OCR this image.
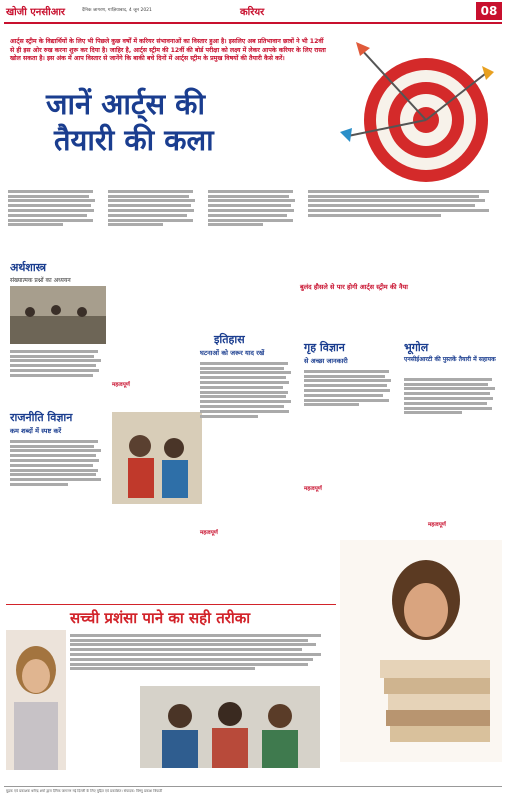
खोजी एनसीआर	दैनिक जागरण, गाज़ियाबाद, 4 जून 2021	करियर	08
आर्ट्स स्ट्रीम के विद्यार्थियों के लिए भी पिछले कुछ वर्षों में करियर संभावनाओं का विस्तार हुआ है। इसलिए अब प्रतिभावान छात्रों ने भी 12वीं से ही इस ओर रुख करना शुरू कर दिया है। जाहिर है, आर्ट्स स्ट्रीम की 12वीं की बोर्ड परीक्षा को लक्ष्य में लेकर आपके करियर के लिए रास्ता खोल सकता है। इस अंक में आप विस्तार से जानेंगे कि बाकी बचे दिनों में आर्ट्स स्ट्रीम के प्रमुख विषयों की तैयारी कैसे करें।
जानें आर्ट्स की
तैयारी की कला
अर्थशास्त्र
संख्यात्मक प्रश्नों का अध्ययन
राजनीति विज्ञान
कम शब्दों में स्पष्ट करें
इतिहास
घटनाओं को जरूर याद रखें	गृह विज्ञान
से अच्छा जानकारी
बुलंद हौसले से पार होगी आर्ट्स स्ट्रीम की नैया
भूगोल
एनसीईआरटी की पुस्तकें तैयारी में सहायक
महत्वपूर्ण
महत्वपूर्ण
महत्वपूर्ण
महत्वपूर्ण
सच्ची प्रशंसा पाने का सही तरीका
मुद्रक एवं प्रकाशक धर्मेन्द्र शर्मा द्वारा दैनिक जागरण नई दिल्ली के लिए मुद्रित एवं प्रकाशित। संपादक: विष्णु प्रकाश त्रिपाठी
